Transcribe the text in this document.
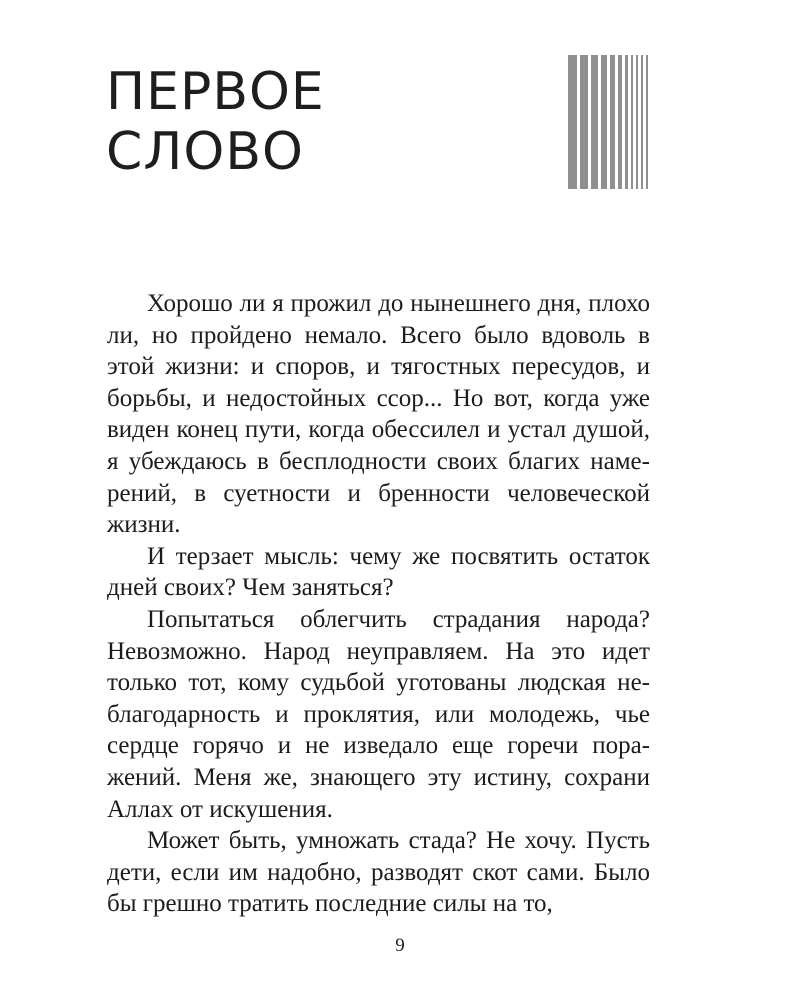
ПЕРВОЕ
СЛОВО

Хорошо ли я прожил до нынешнего дня, плохо ли, но пройдено немало. Всего было вдоволь в этой жизни: и споров, и тягостных пересудов, и борьбы, и недостойных ссор... Но вот, когда уже виден конец пути, когда обессилел и устал душой, я убеждаюсь в бесплодности своих благих намерений, в суетности и бренности человеческой жизни.

И терзает мысль: чему же посвятить остаток дней своих? Чем заняться?

Попытаться облегчить страдания народа? Невозможно. Народ неуправляем. На это идет только тот, кому судьбой уготованы людская неблагодарность и проклятия, или молодежь, чье сердце горячо и не изведало еще горечи поражений. Меня же, знающего эту истину, сохрани Аллах от искушения.

Может быть, умножать стада? Не хочу. Пусть дети, если им надобно, разводят скот сами. Было бы грешно тратить последние силы на то,

9
